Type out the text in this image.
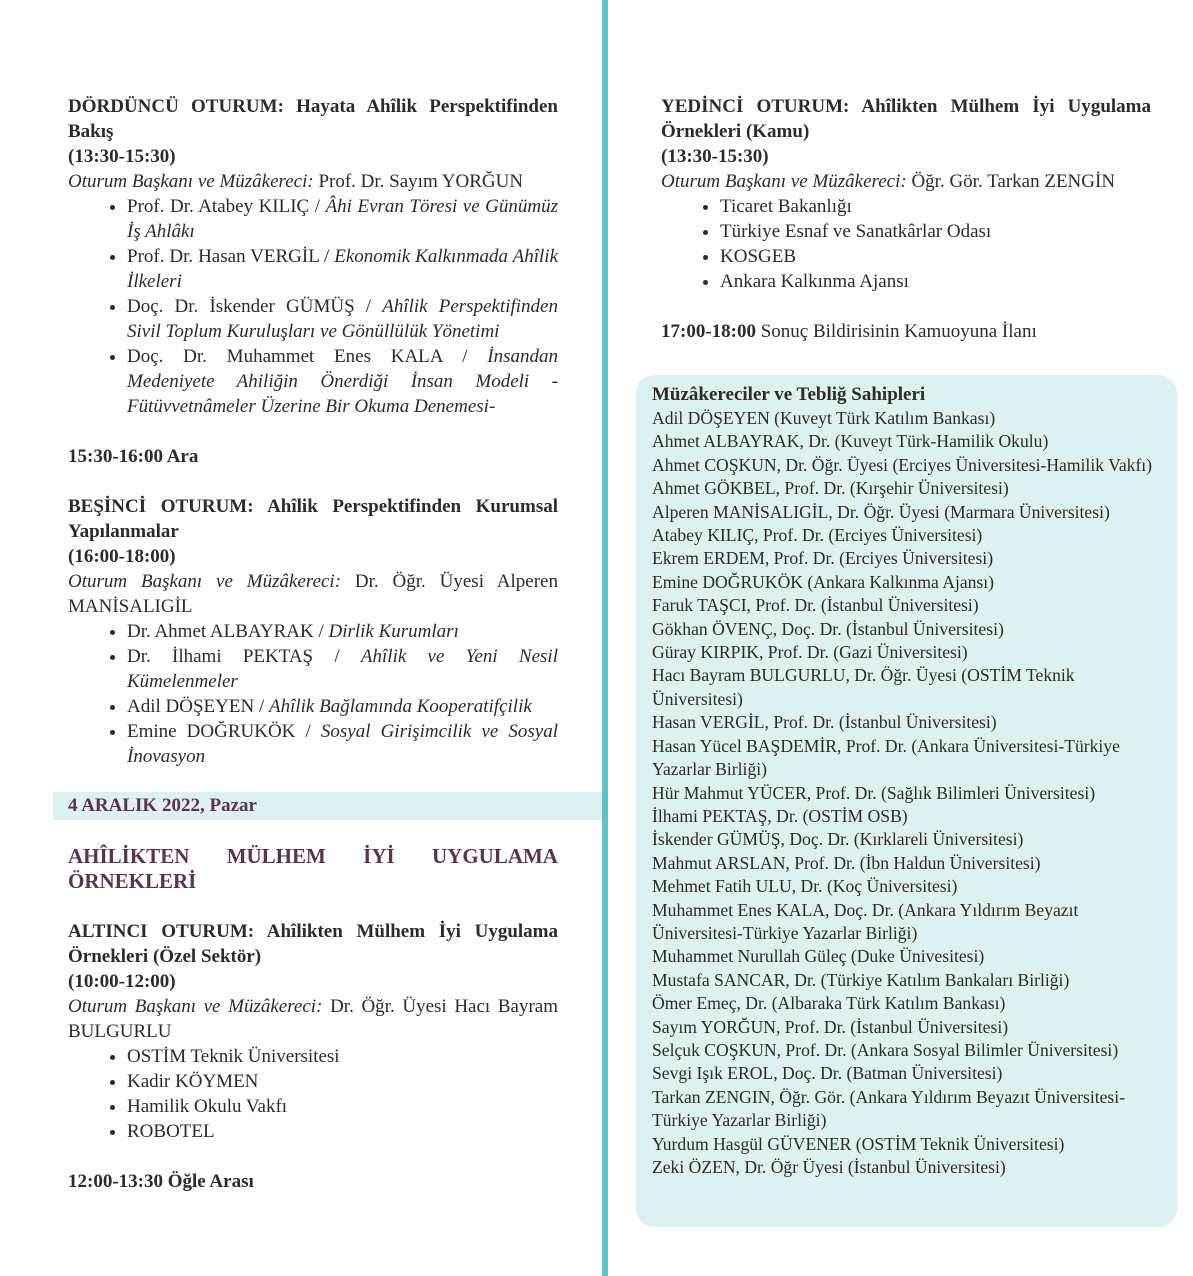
DÖRDÜNCÜ OTURUM: Hayata Ahîlik Perspektifinden Bakış
(13:30-15:30)
Oturum Başkanı ve Müzâkereci: Prof. Dr. Sayım YORĞUN
• Prof. Dr. Atabey KILIÇ / Âhi Evran Töresi ve Günümüz İş Ahlâkı
• Prof. Dr. Hasan VERGİL / Ekonomik Kalkınmada Ahîlik İlkeleri
• Doç. Dr. İskender GÜMÜŞ / Ahîlik Perspektifinden Sivil Toplum Kuruluşları ve Gönüllülük Yönetimi
• Doç. Dr. Muhammet Enes KALA / İnsandan Medeniyete Ahiliğin Önerdiği İnsan Modeli -Fütüvvetnâmeler Üzerine Bir Okuma Denemesi-
15:30-16:00 Ara
BEŞİNCİ OTURUM: Ahîlik Perspektifinden Kurumsal Yapılanmalar
(16:00-18:00)
Oturum Başkanı ve Müzâkereci: Dr. Öğr. Üyesi Alperen MANİSALIGİL
• Dr. Ahmet ALBAYRAK / Dirlik Kurumları
• Dr. İlhami PEKTAŞ / Ahîlik ve Yeni Nesil Kümelenmeler
• Adil DÖŞEYEN / Ahîlik Bağlamında Kooperatifçilik
• Emine DOĞRUKÖK / Sosyal Girişimcilik ve Sosyal İnovasyon
4 ARALIK 2022, Pazar
AHÎLİKTEN MÜLHEM İYİ UYGULAMA
ÖRNEKLERİ
ALTINCI OTURUM: Ahîlikten Mülhem İyi Uygulama Örnekleri (Özel Sektör)
(10:00-12:00)
Oturum Başkanı ve Müzâkereci: Dr. Öğr. Üyesi Hacı Bayram BULGURLU
• OSTİM Teknik Üniversitesi
• Kadir KÖYMEN
• Hamilik Okulu Vakfı
• ROBOTEL
12:00-13:30 Öğle Arası
YEDİNCİ OTURUM: Ahîlikten Mülhem İyi Uygulama Örnekleri (Kamu)
(13:30-15:30)
Oturum Başkanı ve Müzâkereci: Öğr. Gör. Tarkan ZENGİN
• Ticaret Bakanlığı
• Türkiye Esnaf ve Sanatkârlar Odası
• KOSGEB
• Ankara Kalkınma Ajansı
17:00-18:00 Sonuç Bildirisinin Kamuoyuna İlanı
Müzâkereciler ve Tebliğ Sahipleri
Adil DÖŞEYEN (Kuveyt Türk Katılım Bankası)
Ahmet ALBAYRAK, Dr. (Kuveyt Türk-Hamilik Okulu)
Ahmet COŞKUN, Dr. Öğr. Üyesi (Erciyes Üniversitesi-Hamilik Vakfı)
Ahmet GÖKBEL, Prof. Dr. (Kırşehir Üniversitesi)
Alperen MANİSALIGİL, Dr. Öğr. Üyesi (Marmara Üniversitesi)
Atabey KILIÇ, Prof. Dr. (Erciyes Üniversitesi)
Ekrem ERDEM, Prof. Dr. (Erciyes Üniversitesi)
Emine DOĞRUKÖK (Ankara Kalkınma Ajansı)
Faruk TAŞCI, Prof. Dr. (İstanbul Üniversitesi)
Gökhan ÖVENÇ, Doç. Dr. (İstanbul Üniversitesi)
Güray KIRPIK, Prof. Dr. (Gazi Üniversitesi)
Hacı Bayram BULGURLU, Dr. Öğr. Üyesi (OSTİM Teknik Üniversitesi)
Hasan VERGİL, Prof. Dr. (İstanbul Üniversitesi)
Hasan Yücel BAŞDEMİR, Prof. Dr. (Ankara Üniversitesi-Türkiye Yazarlar Birliği)
Hür Mahmut YÜCER, Prof. Dr. (Sağlık Bilimleri Üniversitesi)
İlhami PEKTAŞ, Dr. (OSTİM OSB)
İskender GÜMÜŞ, Doç. Dr. (Kırklareli Üniversitesi)
Mahmut ARSLAN, Prof. Dr. (İbn Haldun Üniversitesi)
Mehmet Fatih ULU, Dr. (Koç Üniversitesi)
Muhammet Enes KALA, Doç. Dr. (Ankara Yıldırım Beyazıt Üniversitesi-Türkiye Yazarlar Birliği)
Muhammet Nurullah Güleç (Duke Ünivesitesi)
Mustafa SANCAR, Dr. (Türkiye Katılım Bankaları Birliği)
Ömer Emeç, Dr. (Albaraka Türk Katılım Bankası)
Sayım YORĞUN, Prof. Dr. (İstanbul Üniversitesi)
Selçuk COŞKUN, Prof. Dr. (Ankara Sosyal Bilimler Üniversitesi)
Sevgi Işık EROL, Doç. Dr. (Batman Üniversitesi)
Tarkan ZENGIN, Öğr. Gör. (Ankara Yıldırım Beyazıt Üniversitesi-Türkiye Yazarlar Birliği)
Yurdum Hasgül GÜVENER (OSTİM Teknik Üniversitesi)
Zeki ÖZEN, Dr. Öğr Üyesi (İstanbul Üniversitesi)
